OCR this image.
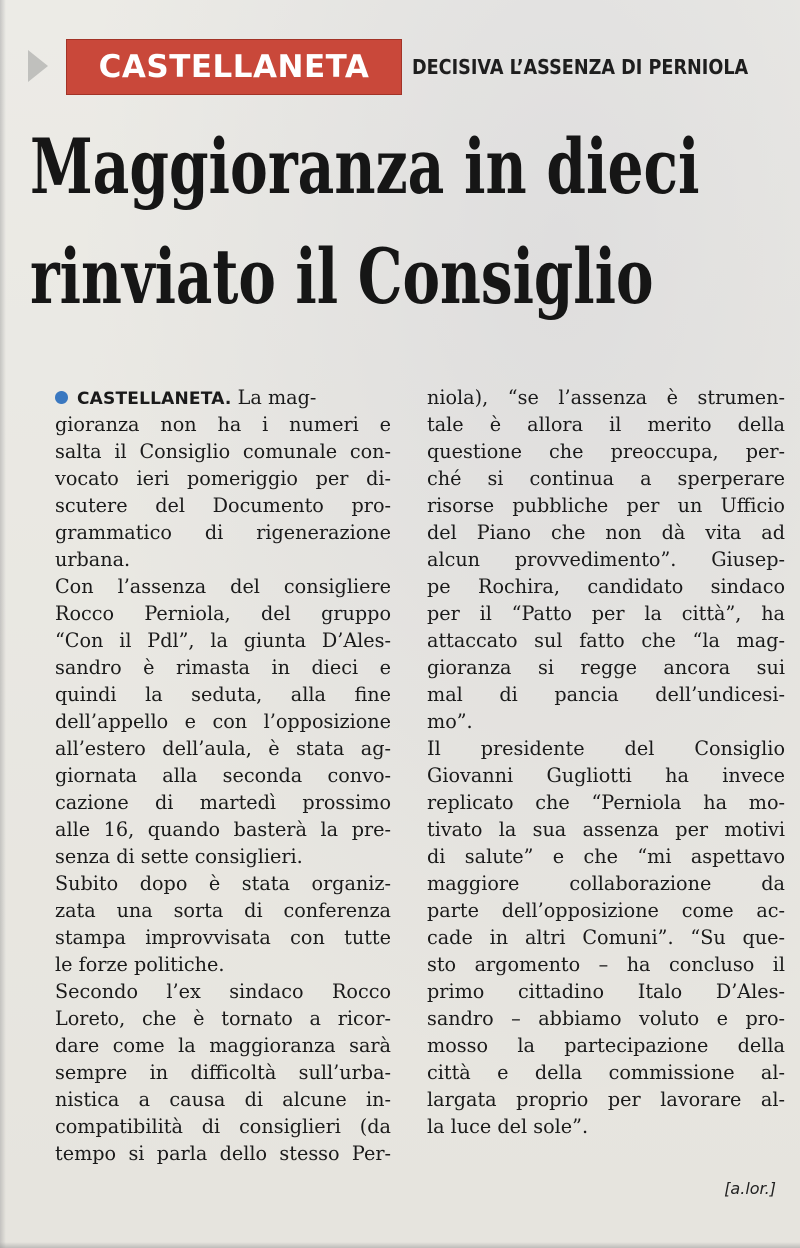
CASTELLANETA	DECISIVA L’ASSENZA DI PERNIOLA
Maggioranza in dieci
rinviato il Consiglio
CASTELLANETA. La mag-
gioranza non ha i numeri e
salta il Consiglio comunale con-
vocato ieri pomeriggio per di-
scutere del Documento pro-
grammatico di rigenerazione
urbana.
Con l’assenza del consigliere
Rocco Perniola, del gruppo
“Con il Pdl”, la giunta D’Ales-
sandro è rimasta in dieci e
quindi la seduta, alla fine
dell’appello e con l’opposizione
all’estero dell’aula, è stata ag-
giornata alla seconda convo-
cazione di martedì prossimo
alle 16, quando basterà la pre-
senza di sette consiglieri.
Subito dopo è stata organiz-
zata una sorta di conferenza
stampa improvvisata con tutte
le forze politiche.
Secondo l’ex sindaco Rocco
Loreto, che è tornato a ricor-
dare come la maggioranza sarà
sempre in difficoltà sull’urba-
nistica a causa di alcune in-
compatibilità di consiglieri (da
tempo si parla dello stesso Per-
niola), “se l’assenza è strumen-
tale è allora il merito della
questione che preoccupa, per-
ché si continua a sperperare
risorse pubbliche per un Ufficio
del Piano che non dà vita ad
alcun provvedimento”. Giusep-
pe Rochira, candidato sindaco
per il “Patto per la città”, ha
attaccato sul fatto che “la mag-
gioranza si regge ancora sui
mal di pancia dell’undicesi-
mo”.
Il presidente del Consiglio
Giovanni Gugliotti ha invece
replicato che “Perniola ha mo-
tivato la sua assenza per motivi
di salute” e che “mi aspettavo
maggiore collaborazione da
parte dell’opposizione come ac-
cade in altri Comuni”. “Su que-
sto argomento – ha concluso il
primo cittadino Italo D’Ales-
sandro – abbiamo voluto e pro-
mosso la partecipazione della
città e della commissione al-
largata proprio per lavorare al-
la luce del sole”.
[a.lor.]
